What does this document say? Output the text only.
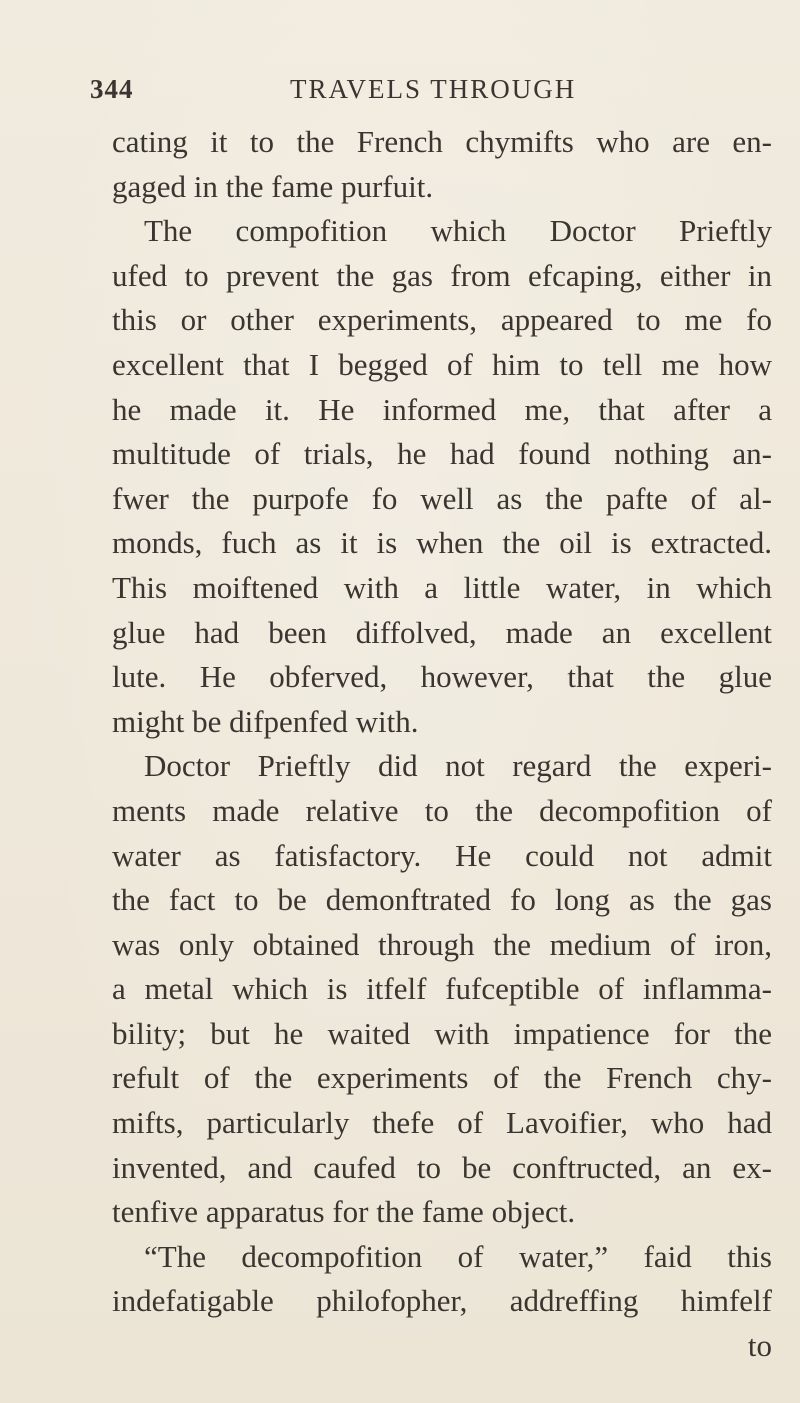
344	TRAVELS THROUGH
cating it to the French chymifts who are en-
gaged in the fame purfuit.
The compofition which Doctor Prieftly
ufed to prevent the gas from efcaping, either in
this or other experiments, appeared to me fo
excellent that I begged of him to tell me how
he made it. He informed me, that after a
multitude of trials, he had found nothing an-
fwer the purpofe fo well as the pafte of al-
monds, fuch as it is when the oil is extracted.
This moiftened with a little water, in which
glue had been diffolved, made an excellent
lute. He obferved, however, that the glue
might be difpenfed with.
Doctor Prieftly did not regard the experi-
ments made relative to the decompofition of
water as fatisfactory. He could not admit
the fact to be demonftrated fo long as the gas
was only obtained through the medium of iron,
a metal which is itfelf fufceptible of inflamma-
bility; but he waited with impatience for the
refult of the experiments of the French chy-
mifts, particularly thefe of Lavoifier, who had
invented, and caufed to be conftructed, an ex-
tenfive apparatus for the fame object.
“The decompofition of water,” faid this
indefatigable philofopher, addreffing himfelf
to
